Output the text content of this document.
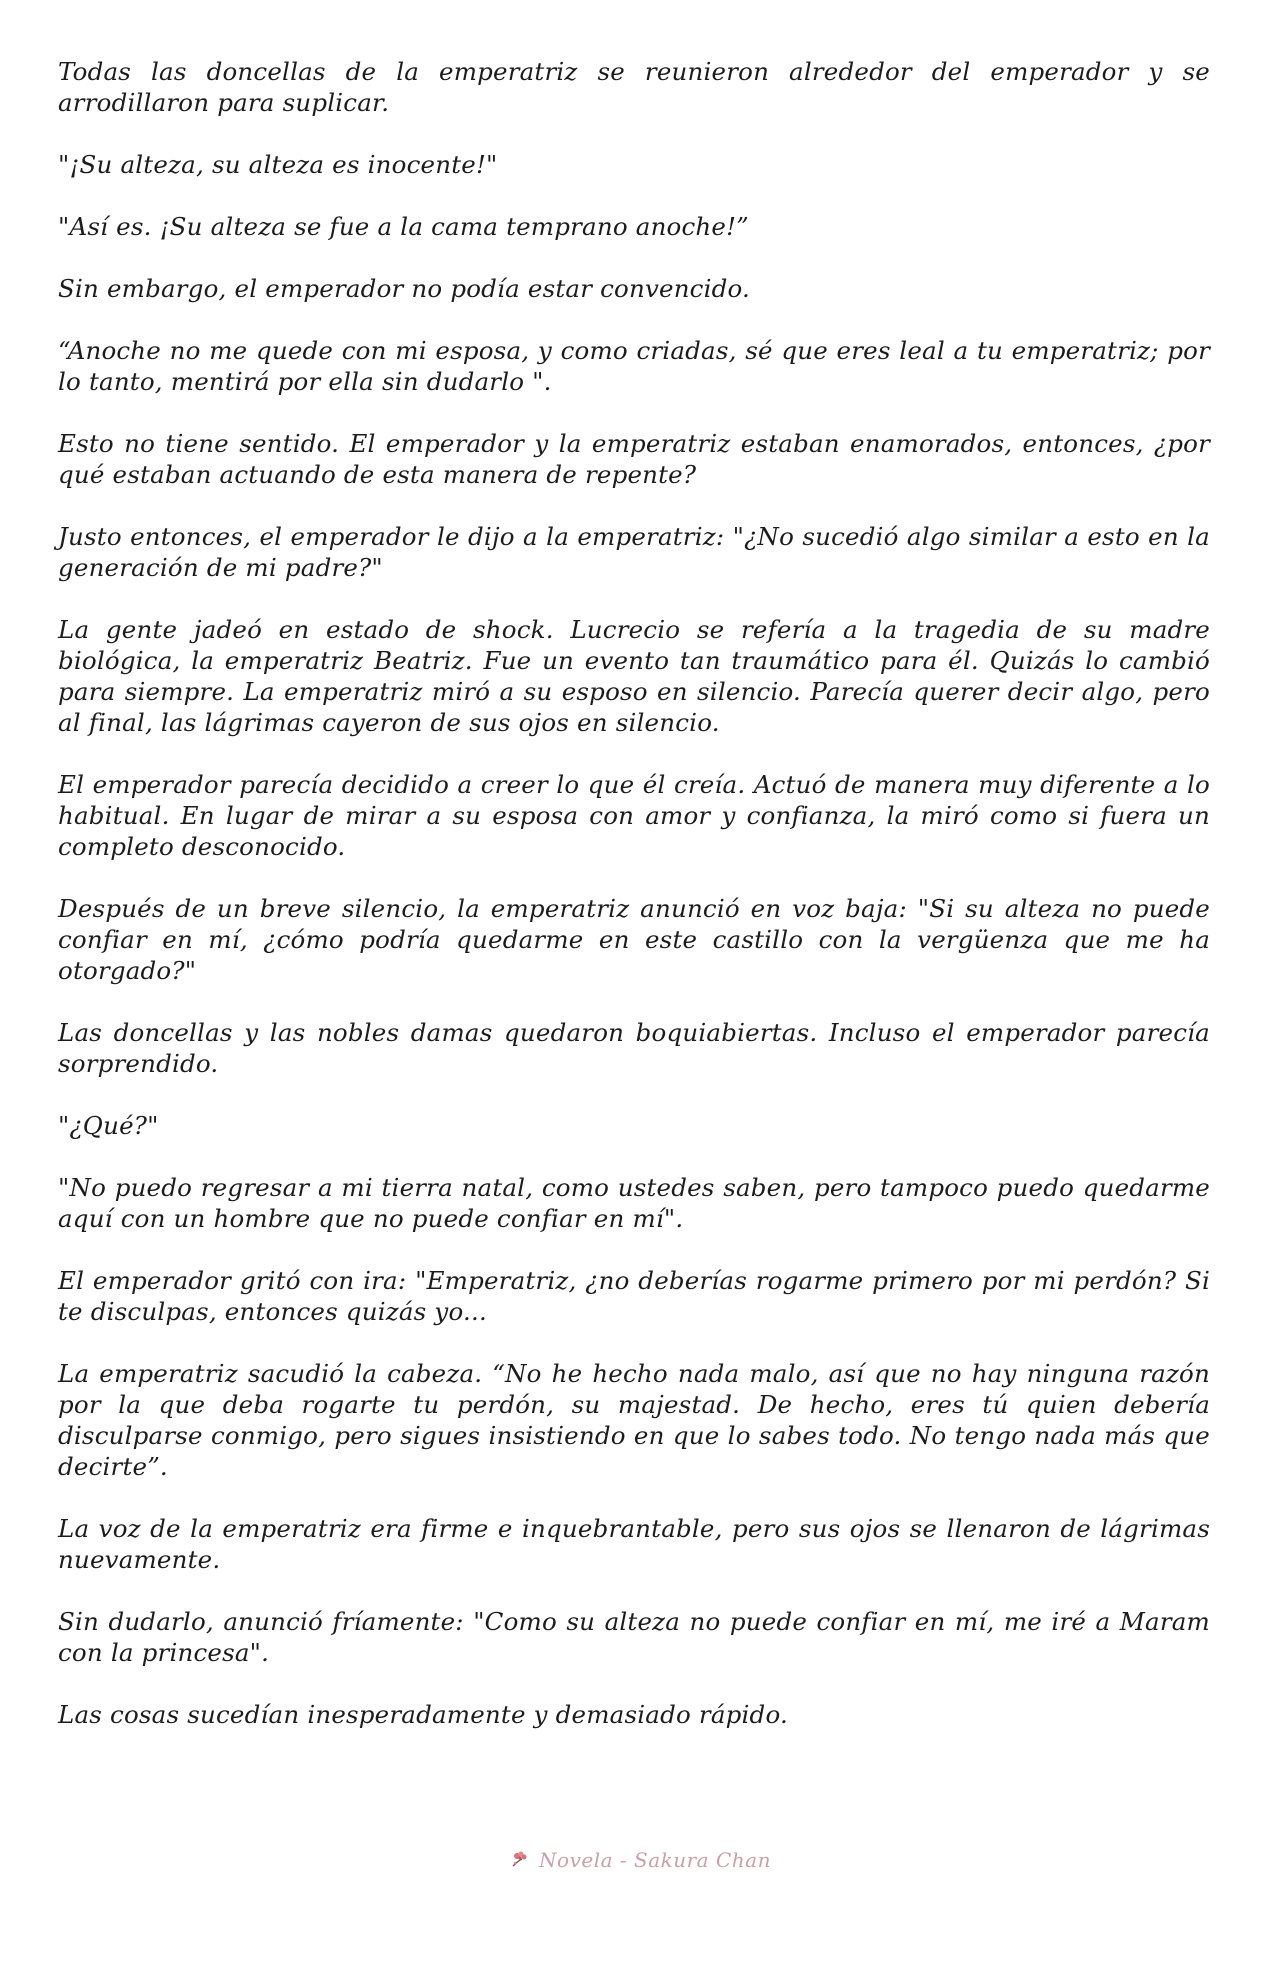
Todas las doncellas de la emperatriz se reunieron alrededor del emperador y se arrodillaron para suplicar.

"¡Su alteza, su alteza es inocente!"

"Así es. ¡Su alteza se fue a la cama temprano anoche!”

Sin embargo, el emperador no podía estar convencido.

“Anoche no me quede con mi esposa, y como criadas, sé que eres leal a tu emperatriz; por lo tanto, mentirá por ella sin dudarlo ".

Esto no tiene sentido. El emperador y la emperatriz estaban enamorados, entonces, ¿por qué estaban actuando de esta manera de repente?

Justo entonces, el emperador le dijo a la emperatriz: "¿No sucedió algo similar a esto en la generación de mi padre?"

La gente jadeó en estado de shock. Lucrecio se refería a la tragedia de su madre biológica, la emperatriz Beatriz. Fue un evento tan traumático para él. Quizás lo cambió para siempre. La emperatriz miró a su esposo en silencio. Parecía querer decir algo, pero al final, las lágrimas cayeron de sus ojos en silencio.

El emperador parecía decidido a creer lo que él creía. Actuó de manera muy diferente a lo habitual. En lugar de mirar a su esposa con amor y confianza, la miró como si fuera un completo desconocido.

Después de un breve silencio, la emperatriz anunció en voz baja: "Si su alteza no puede confiar en mí, ¿cómo podría quedarme en este castillo con la vergüenza que me ha otorgado?"

Las doncellas y las nobles damas quedaron boquiabiertas. Incluso el emperador parecía sorprendido.

"¿Qué?"

"No puedo regresar a mi tierra natal, como ustedes saben, pero tampoco puedo quedarme aquí con un hombre que no puede confiar en mí".

El emperador gritó con ira: "Emperatriz, ¿no deberías rogarme primero por mi perdón? Si te disculpas, entonces quizás yo...

La emperatriz sacudió la cabeza. “No he hecho nada malo, así que no hay ninguna razón por la que deba rogarte tu perdón, su majestad. De hecho, eres tú quien debería disculparse conmigo, pero sigues insistiendo en que lo sabes todo. No tengo nada más que decirte”.

La voz de la emperatriz era firme e inquebrantable, pero sus ojos se llenaron de lágrimas nuevamente.

Sin dudarlo, anunció fríamente: "Como su alteza no puede confiar en mí, me iré a Maram con la princesa".

Las cosas sucedían inesperadamente y demasiado rápido.

Novela - Sakura Chan
